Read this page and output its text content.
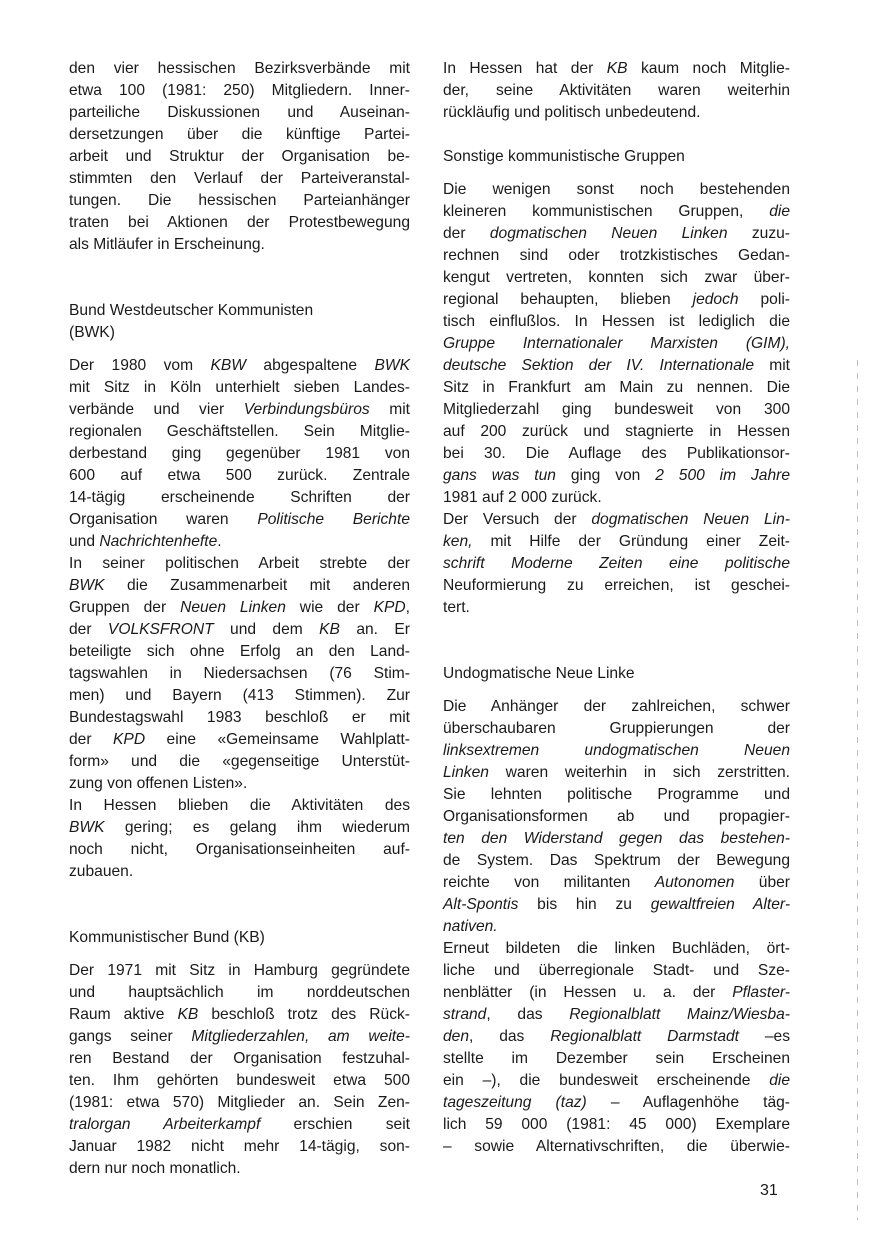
den vier hessischen Bezirksverbände mit
etwa 100 (1981: 250) Mitgliedern. Inner-
parteiliche Diskussionen und Auseinan-
dersetzungen über die künftige Partei-
arbeit und Struktur der Organisation be-
stimmten den Verlauf der Parteiveranstal-
tungen. Die hessischen Parteianhänger
traten bei Aktionen der Protestbewegung
als Mitläufer in Erscheinung.
Bund Westdeutscher Kommunisten
(BWK)
Der 1980 vom KBW abgespaltene BWK
mit Sitz in Köln unterhielt sieben Landes-
verbände und vier Verbindungsbüros mit
regionalen Geschäftstellen. Sein Mitglie-
derbestand ging gegenüber 1981 von
600 auf etwa 500 zurück. Zentrale
14-tägig erscheinende Schriften der
Organisation waren Politische Berichte
und Nachrichtenhefte.
In seiner politischen Arbeit strebte der
BWK die Zusammenarbeit mit anderen
Gruppen der Neuen Linken wie der KPD,
der VOLKSFRONT und dem KB an. Er
beteiligte sich ohne Erfolg an den Land-
tagswahlen in Niedersachsen (76 Stim-
men) und Bayern (413 Stimmen). Zur
Bundestagswahl 1983 beschloß er mit
der KPD eine «Gemeinsame Wahlplatt-
form» und die «gegenseitige Unterstüt-
zung von offenen Listen».
In Hessen blieben die Aktivitäten des
BWK gering; es gelang ihm wiederum
noch nicht, Organisationseinheiten auf-
zubauen.
Kommunistischer Bund (KB)
Der 1971 mit Sitz in Hamburg gegründete
und hauptsächlich im norddeutschen
Raum aktive KB beschloß trotz des Rück-
gangs seiner Mitgliederzahlen, am weite-
ren Bestand der Organisation festzuhal-
ten. Ihm gehörten bundesweit etwa 500
(1981: etwa 570) Mitglieder an. Sein Zen-
tralorgan Arbeiterkampf erschien seit
Januar 1982 nicht mehr 14-tägig, son-
dern nur noch monatlich.
In Hessen hat der KB kaum noch Mitglie-
der, seine Aktivitäten waren weiterhin
rückläufig und politisch unbedeutend.
Sonstige kommunistische Gruppen
Die wenigen sonst noch bestehenden
kleineren kommunistischen Gruppen, die
der dogmatischen Neuen Linken zuzu-
rechnen sind oder trotzkistisches Gedan-
kengut vertreten, konnten sich zwar über-
regional behaupten, blieben jedoch poli-
tisch einflußlos. In Hessen ist lediglich die
Gruppe Internationaler Marxisten (GIM),
deutsche Sektion der IV. Internationale mit
Sitz in Frankfurt am Main zu nennen. Die
Mitgliederzahl ging bundesweit von 300
auf 200 zurück und stagnierte in Hessen
bei 30. Die Auflage des Publikationsor-
gans was tun ging von 2 500 im Jahre
1981 auf 2 000 zurück.
Der Versuch der dogmatischen Neuen Lin-
ken, mit Hilfe der Gründung einer Zeit-
schrift Moderne Zeiten eine politische
Neuformierung zu erreichen, ist geschei-
tert.
Undogmatische Neue Linke
Die Anhänger der zahlreichen, schwer
überschaubaren Gruppierungen der
linksextremen undogmatischen Neuen
Linken waren weiterhin in sich zerstritten.
Sie lehnten politische Programme und
Organisationsformen ab und propagier-
ten den Widerstand gegen das bestehen-
de System. Das Spektrum der Bewegung
reichte von militanten Autonomen über
Alt-Spontis bis hin zu gewaltfreien Alter-
nativen.
Erneut bildeten die linken Buchläden, ört-
liche und überregionale Stadt- und Sze-
nenblätter (in Hessen u. a. der Pflaster-
strand, das Regionalblatt Mainz/Wiesba-
den, das Regionalblatt Darmstadt –es
stellte im Dezember sein Erscheinen
ein –), die bundesweit erscheinende die
tageszeitung (taz) – Auflagenhöhe täg-
lich 59 000 (1981: 45 000) Exemplare
– sowie Alternativschriften, die überwie-
31
